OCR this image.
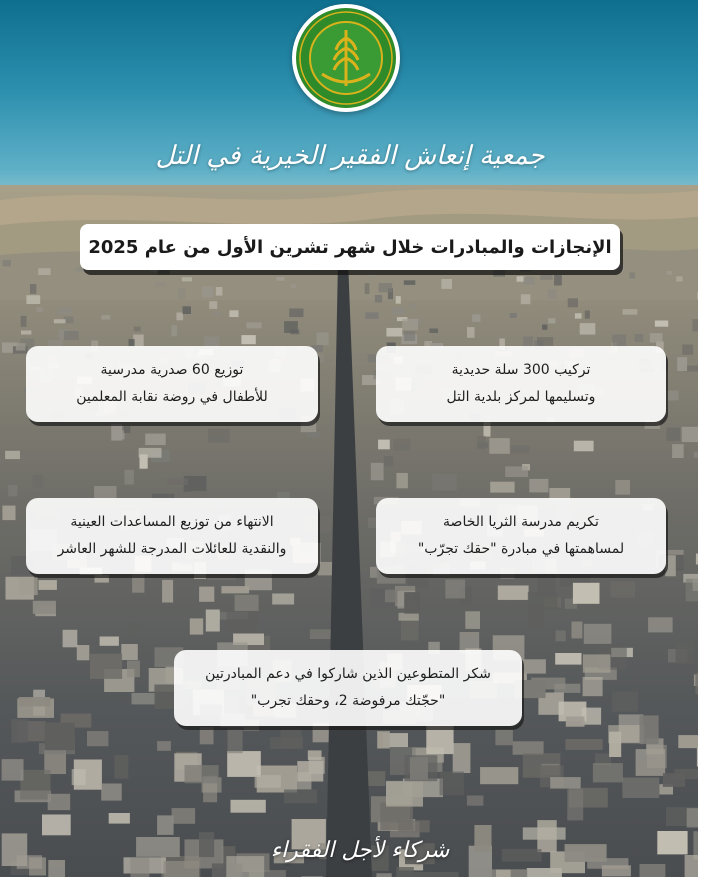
جمعية إنعاش الفقير الخيرية في التل
الإنجازات والمبادرات خلال شهر تشرين الأول من عام 2025
تركيب 300 سلة حديدية
وتسليمها لمركز بلدية التل
توزيع 60 صدرية مدرسية
للأطفال في روضة نقابة المعلمين
تكريم مدرسة الثريا الخاصة
لمساهمتها في مبادرة "حقك تجرّب"
الانتهاء من توزيع المساعدات العينية
والنقدية للعائلات المدرجة للشهر العاشر
شكر المتطوعين الذين شاركوا في دعم المبادرتين
"حجّتك مرفوضة 2، وحقك تجرب"
شركاء لأجل الفقراء
